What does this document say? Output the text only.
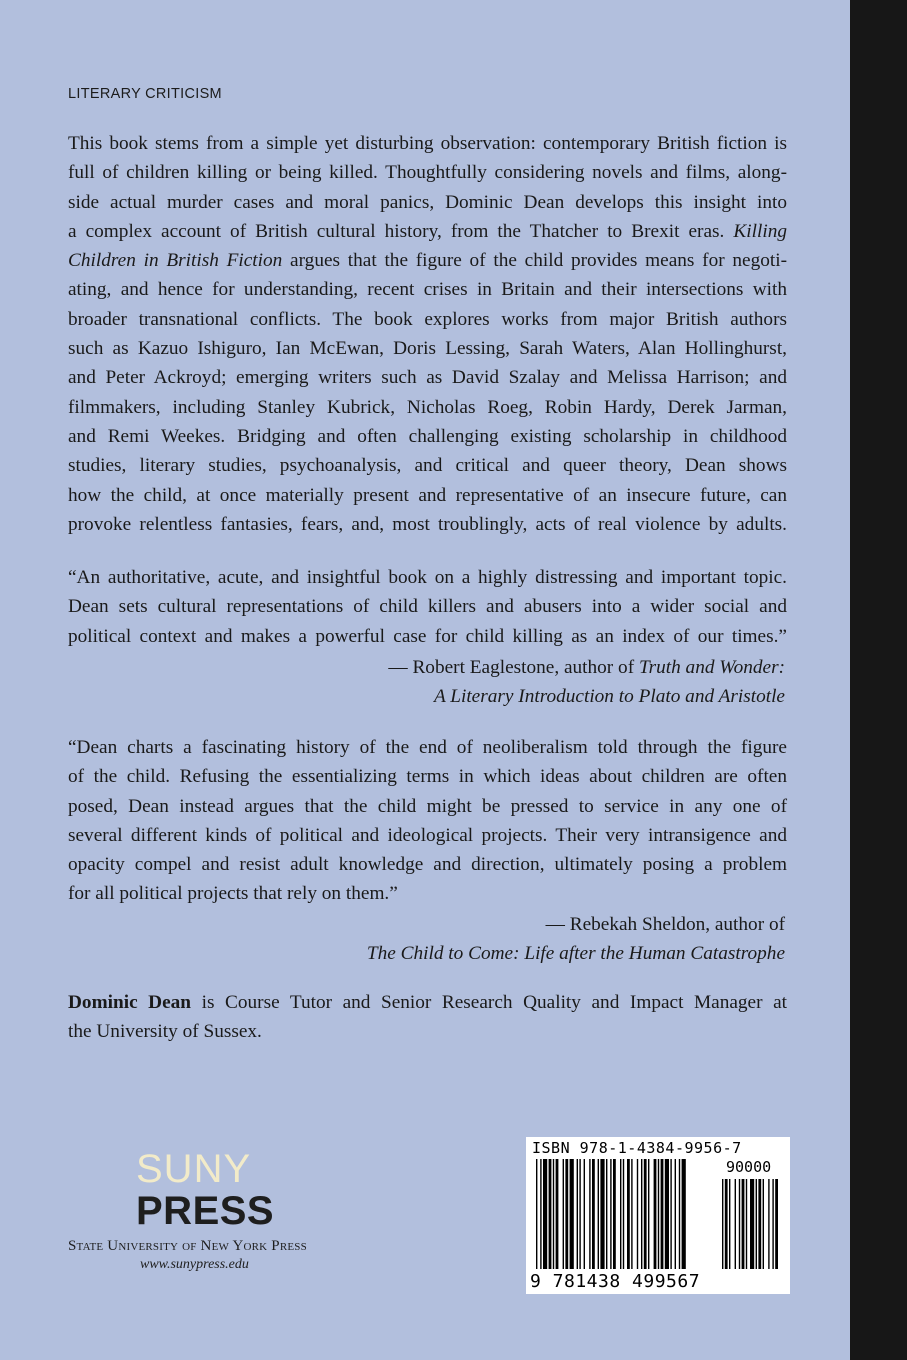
LITERARY CRITICISM
This book stems from a simple yet disturbing observation: contemporary British fiction is
full of children killing or being killed. Thoughtfully considering novels and films, along-
side actual murder cases and moral panics, Dominic Dean develops this insight into
a complex account of British cultural history, from the Thatcher to Brexit eras. Killing
Children in British Fiction argues that the figure of the child provides means for negoti-
ating, and hence for understanding, recent crises in Britain and their intersections with
broader transnational conflicts. The book explores works from major British authors
such as Kazuo Ishiguro, Ian McEwan, Doris Lessing, Sarah Waters, Alan Hollinghurst,
and Peter Ackroyd; emerging writers such as David Szalay and Melissa Harrison; and
filmmakers, including Stanley Kubrick, Nicholas Roeg, Robin Hardy, Derek Jarman,
and Remi Weekes. Bridging and often challenging existing scholarship in childhood
studies, literary studies, psychoanalysis, and critical and queer theory, Dean shows
how the child, at once materially present and representative of an insecure future, can
provoke relentless fantasies, fears, and, most troublingly, acts of real violence by adults.
“An authoritative, acute, and insightful book on a highly distressing and important topic.
Dean sets cultural representations of child killers and abusers into a wider social and
political context and makes a powerful case for child killing as an index of our times.”
— Robert Eaglestone, author of Truth and Wonder:
A Literary Introduction to Plato and Aristotle
“Dean charts a fascinating history of the end of neoliberalism told through the figure
of the child. Refusing the essentializing terms in which ideas about children are often
posed, Dean instead argues that the child might be pressed to service in any one of
several different kinds of political and ideological projects. Their very intransigence and
opacity compel and resist adult knowledge and direction, ultimately posing a problem
for all political projects that rely on them.”
— Rebekah Sheldon, author of
The Child to Come: Life after the Human Catastrophe
Dominic Dean is Course Tutor and Senior Research Quality and Impact Manager at
the University of Sussex.
SUNY
PRESS
State University of New York Press
www.sunypress.edu
ISBN 978-1-4384-9956-7
90000
9 781438 499567
